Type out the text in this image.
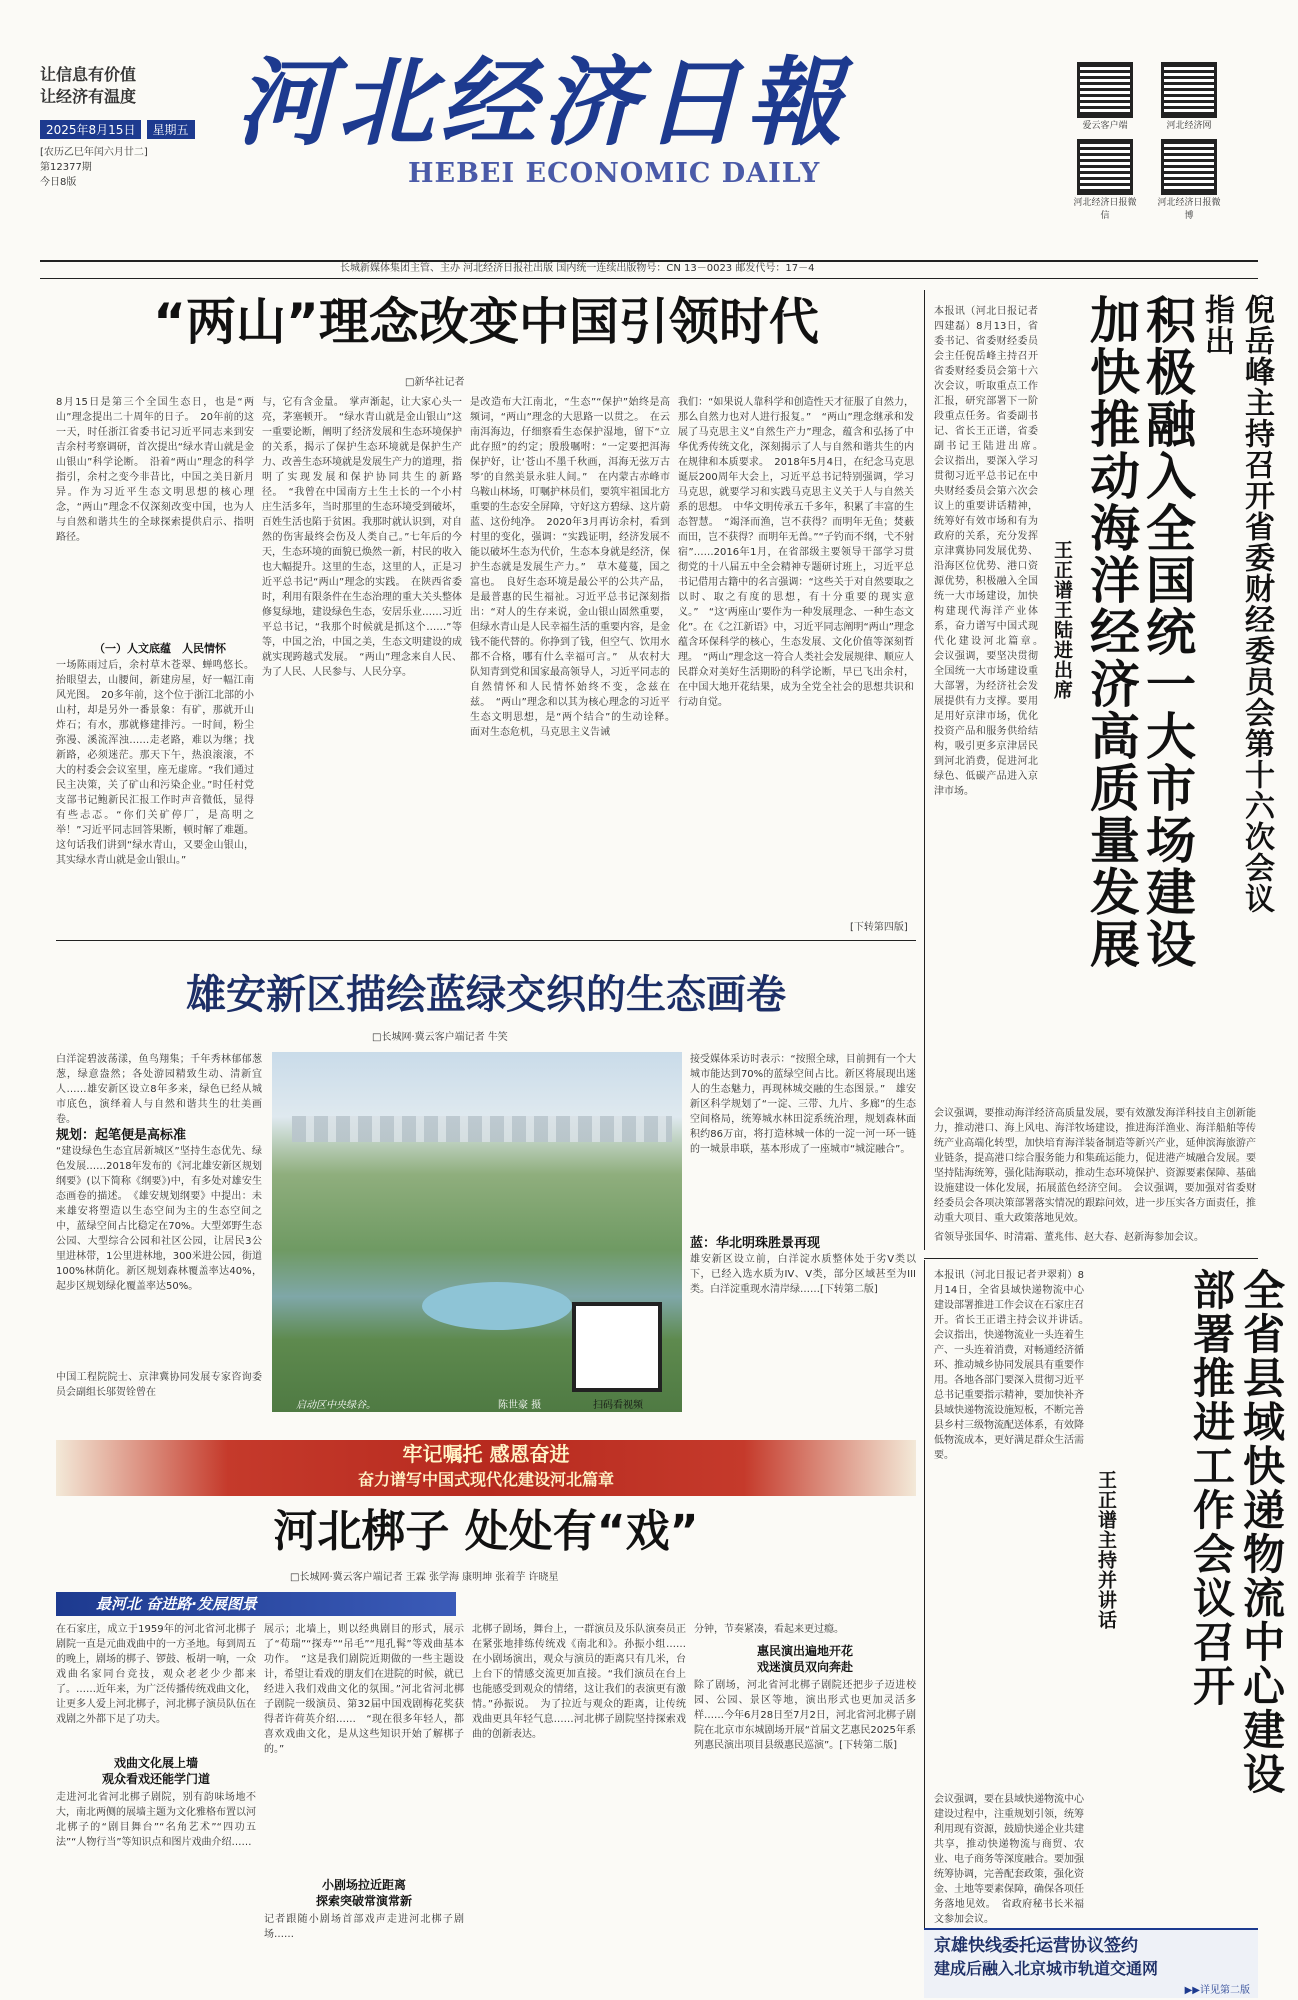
让信息有价值
让经济有温度
2025年8月15日 星期五
[农历乙巳年闰六月廿二]
第12377期
今日8版
河北经济日報
HEBEI ECONOMIC DAILY
爱云客户端	河北经济网
河北经济日报微信
河北经济日报微博
长城新媒体集团主管、主办 河北经济日报社出版 国内统一连续出版物号：CN 13－0023 邮发代号：17－4
“两山”理念改变中国引领时代
□新华社记者
8月15日是第三个全国生态日，也是“两山”理念提出二十周年的日子。　20年前的这一天，时任浙江省委书记习近平同志来到安吉余村考察调研，首次提出“绿水青山就是金山银山”科学论断。　沿着“两山”理念的科学指引，余村之变今非昔比，中国之美日新月异。作为习近平生态文明思想的核心理念，“两山”理念不仅深刻改变中国，也为人与自然和谐共生的全球探索提供启示、指明路径。
（一）人文底蕴　人民情怀
一场陈雨过后，余村草木苍翠、蝉鸣悠长。抬眼望去，山腰间，新建房屋，好一幅江南风光图。　20多年前，这个位于浙江北部的小山村，却是另外一番景象：有矿，那就开山炸石；有水，那就修建排污。一时间，粉尘弥漫、溪流浑浊……走老路，难以为继；找新路，必须迷茫。那天下午，热浪滚滚，不大的村委会会议室里，座无虚席。“我们通过民主决策，关了矿山和污染企业。”时任村党支部书记鲍新民汇报工作时声音微低，显得有些忐忑。“你们关矿停厂，是高明之举！”习近平同志回答果断，顿时解了难题。这句话我们讲到“绿水青山，又要金山银山，其实绿水青山就是金山银山。”
与，它有含金量。　掌声渐起，让大家心头一亮，茅塞顿开。　“绿水青山就是金山银山”这一重要论断，阐明了经济发展和生态环境保护的关系，揭示了保护生态环境就是保护生产力、改善生态环境就是发展生产力的道理，指明了实现发展和保护协同共生的新路径。　“我曾在中国南方土生土长的一个小村庄生活多年，当时那里的生态环境受到破坏，百姓生活也陷于贫困。我那时就认识到，对自然的伤害最终会伤及人类自己。”七年后的今天，生态环境的面貌已焕然一新，村民的收入也大幅提升。这里的生态，这里的人，正是习近平总书记“两山”理念的实践。　在陕西省委时，利用有限条件在生态治理的重大关头整体修复绿地，建设绿色生态，安居乐业……习近平总书记，“我那个时候就是抓这个……”等等，中国之治，中国之美，生态文明建设的成就实现跨越式发展。　“两山”理念来自人民、为了人民、人民参与、人民分享。
是改造布大江南北，“生态”“保护”始终是高频词，“两山”理念的大思路一以贯之。　在云南洱海边，仔细察看生态保护湿地，留下“立此存照”的约定；殷殷嘱咐：“一定要把洱海保护好，让‘苍山不墨千秋画，洱海无弦万古琴’的自然美景永驻人间。”　在内蒙古赤峰市乌鞍山林场，叮嘱护林员们，要筑牢祖国北方重要的生态安全屏障，守好这方碧绿、这片蔚蓝、这份纯净。　2020年3月再访余村，看到村里的变化，强调：“实践证明，经济发展不能以破坏生态为代价，生态本身就是经济，保护生态就是发展生产力。”　草木蔓蔓，国之富也。　良好生态环境是最公平的公共产品，是最普惠的民生福祉。习近平总书记深刻指出：“对人的生存来说，金山银山固然重要，但绿水青山是人民幸福生活的重要内容，是金钱不能代替的。你挣到了钱，但空气、饮用水都不合格，哪有什么幸福可言。”　从农村大队知青到党和国家最高领导人，习近平同志的自然情怀和人民情怀始终不变，念兹在兹。　“两山”理念和以其为核心理念的习近平生态文明思想，是“两个结合”的生动诠释。　面对生态危机，马克思主义告诫
我们：“如果说人靠科学和创造性天才征服了自然力，那么自然力也对人进行报复。”　“两山”理念继承和发展了马克思主义“自然生产力”理念，蕴含和弘扬了中华优秀传统文化，深刻揭示了人与自然和谐共生的内在规律和本质要求。　2018年5月4日，在纪念马克思诞辰200周年大会上，习近平总书记特别强调，学习马克思，就要学习和实践马克思主义关于人与自然关系的思想。　中华文明传承五千多年，积累了丰富的生态智慧。　“竭泽而渔，岂不获得？而明年无鱼；焚薮而田，岂不获得？而明年无兽。”“子钓而不纲，弋不射宿”……2016年1月，在省部级主要领导干部学习贯彻党的十八届五中全会精神专题研讨班上，习近平总书记借用古籍中的名言强调：“这些关于对自然要取之以时、取之有度的思想，有十分重要的现实意义。”　“这‘两座山’要作为一种发展理念、一种生态文化”。在《之江新语》中，习近平同志阐明“两山”理念蕴含环保科学的核心，生态发展、文化价值等深刻哲理。　“两山”理念这一符合人类社会发展规律、顺应人民群众对美好生活期盼的科学论断，早已飞出余村，在中国大地开花结果，成为全党全社会的思想共识和行动自觉。
[下转第四版]
倪岳峰主持召开省委财经委员会第十六次会议指出
积极融入全国统一大市场建设
加快推动海洋经济高质量发展
王正谱王陆进出席
本报讯（河北日报记者四建磊）8月13日，省委书记、省委财经委员会主任倪岳峰主持召开省委财经委员会第十六次会议，听取重点工作汇报，研究部署下一阶段重点任务。省委副书记、省长王正谱，省委副书记王陆进出席。　会议指出，要深入学习贯彻习近平总书记在中央财经委员会第六次会议上的重要讲话精神，统筹好有效市场和有为政府的关系，充分发挥京津冀协同发展优势、沿海区位优势、港口资源优势，积极融入全国统一大市场建设，加快构建现代海洋产业体系，奋力谱写中国式现代化建设河北篇章。　会议强调，要坚决贯彻全国统一大市场建设重大部署，为经济社会发展提供有力支撑。要用足用好京津市场，优化投资产品和服务供给结构，吸引更多京津居民到河北消费，促进河北绿色、低碳产品进入京津市场。
会议强调，要推动海洋经济高质量发展，要有效激发海洋科技自主创新能力，推动港口、海上风电、海洋牧场建设，推进海洋渔业、海洋船舶等传统产业高端化转型，加快培育海洋装备制造等新兴产业，延伸滨海旅游产业链条，提高港口综合服务能力和集疏运能力，促进港产城融合发展。要坚持陆海统筹，强化陆海联动，推动生态环境保护、资源要素保障、基础设施建设一体化发展，拓展蓝色经济空间。　会议强调，要加强对省委财经委员会各项决策部署落实情况的跟踪问效，进一步压实各方面责任，推动重大项目、重大政策落地见效。
省领导张国华、时清霜、董兆伟、赵大春、赵新海参加会议。
雄安新区描绘蓝绿交织的生态画卷
□长城网·冀云客户端记者 牛笑
白洋淀碧波荡漾，鱼鸟翔集；千年秀林郁郁葱葱，绿意盎然；各处游园精致生动、清新宜人……雄安新区设立8年多来，绿色已经从城市底色，演绎着人与自然和谐共生的壮美画卷。
规划：起笔便是高标准
“建设绿色生态宜居新城区”坚持生态优先、绿色发展……2018年发布的《河北雄安新区规划纲要》(以下简称《纲要》)中，有多处对雄安生态画卷的描述。　《雄安规划纲要》中提出：未来雄安将塑造以生态空间为主的生态空间之中，蓝绿空间占比稳定在70%。大型郊野生态公园、大型综合公园和社区公园，让居民3公里进林带，1公里进林地，300米进公园，街道100%林荫化。新区规划森林覆盖率达40%，起步区规划绿化覆盖率达50%。
中国工程院院士、京津冀协同发展专家咨询委员会副组长邬贺铨曾在
扫码看视频
启动区中央绿谷。	陈世豪 摄
接受媒体采访时表示：“按照全球，目前拥有一个大城市能达到70%的蓝绿空间占比。新区将展现出迷人的生态魅力，再现林城交融的生态图景。”　雄安新区科学规划了“一淀、三带、九片、多廊”的生态空间格局，统筹城水林田淀系统治理，规划森林面积约86万亩，将打造林城一体的一淀一河一环一链的一城景串联，基本形成了一座城市“城淀融合”。
蓝：华北明珠胜景再现
雄安新区设立前，白洋淀水质整体处于劣V类以下，已经入选水质为IV、V类，部分区域甚至为III类。白洋淀重现水清岸绿……[下转第二版]
牢记嘱托 感恩奋进
奋力谱写中国式现代化建设河北篇章
河北梆子 处处有“戏”
□长城网·冀云客户端记者 王霖 张学海 康明坤 张着芋 许晓星
最河北 奋进路·发展图景
在石家庄，成立于1959年的河北省河北梆子剧院一直是元曲戏曲中的一方圣地。每到周五的晚上，剧场的梆子、锣鼓、板胡一响，一众戏曲名家同台竞技，观众老老少少都来了。……近年来，为广泛传播传统戏曲文化，让更多人爱上河北梆子，河北梆子演员队伍在戏剧之外都下足了功夫。
戏曲文化展上墙
观众看戏还能学门道
走进河北省河北梆子剧院，别有韵味场地不大，南北两侧的展墙主题为文化雅格布置以河北梆子的“剧目舞台”“名角艺术”“四功五法”“人物行当”等知识点和图片戏曲介绍……
展示；北墙上，则以经典剧目的形式，展示了“荀瑞”“探寿”“吊毛”“甩孔髯”等戏曲基本功作。　“这是我们剧院近期做的一些主题设计，希望让看戏的朋友们在进院的时候，就已经进入我们戏曲文化的氛围。”河北省河北梆子剧院一级演员、第32届中国戏剧梅花奖获得者许荷英介绍……　“现在很多年轻人，都喜欢戏曲文化，是从这些知识开始了解梆子的。”
小剧场拉近距离
探索突破常演常新
记者跟随小剧场首部戏声走进河北梆子剧场……
北梆子剧场，舞台上，一群演员及乐队演奏员正在紧张地排练传统戏《南北和》。孙振小组……在小剧场演出，观众与演员的距离只有几米，台上台下的情感交流更加直接。“我们演员在台上也能感受到观众的情绪，这让我们的表演更有激情。”孙振说。　为了拉近与观众的距离，让传统戏曲更具年轻气息……河北梆子剧院坚持探索戏曲的创新表达。
分钟，节奏紧凑，看起来更过瘾。
惠民演出遍地开花
戏迷演员双向奔赴
除了剧场，河北省河北梆子剧院还把步子迈进校园、公园、景区等地，演出形式也更加灵活多样……今年6月28日至7月2日，河北省河北梆子剧院在北京市东城剧场开展“首届文艺惠民2025年系列惠民演出项目县级惠民巡演”。[下转第二版]	全省县域快递物流中心建设部署推进工作会议召开
王正谱主持并讲话
本报讯（河北日报记者尹翠莉）8月14日，全省县域快递物流中心建设部署推进工作会议在石家庄召开。省长王正谱主持会议并讲话。　会议指出，快递物流业一头连着生产、一头连着消费，对畅通经济循环、推动城乡协同发展具有重要作用。各地各部门要深入贯彻习近平总书记重要指示精神，要加快补齐县域快递物流设施短板，不断完善县乡村三级物流配送体系，有效降低物流成本，更好满足群众生活需要。
会议强调，要在县域快递物流中心建设过程中，注重规划引领，统筹利用现有资源，鼓励快递企业共建共享，推动快递物流与商贸、农业、电子商务等深度融合。要加强统筹协调，完善配套政策，强化资金、土地等要素保障，确保各项任务落地见效。　省政府秘书长米福文参加会议。
京雄快线委托运营协议签约
建成后融入北京城市轨道交通网
▶▶详见第二版
